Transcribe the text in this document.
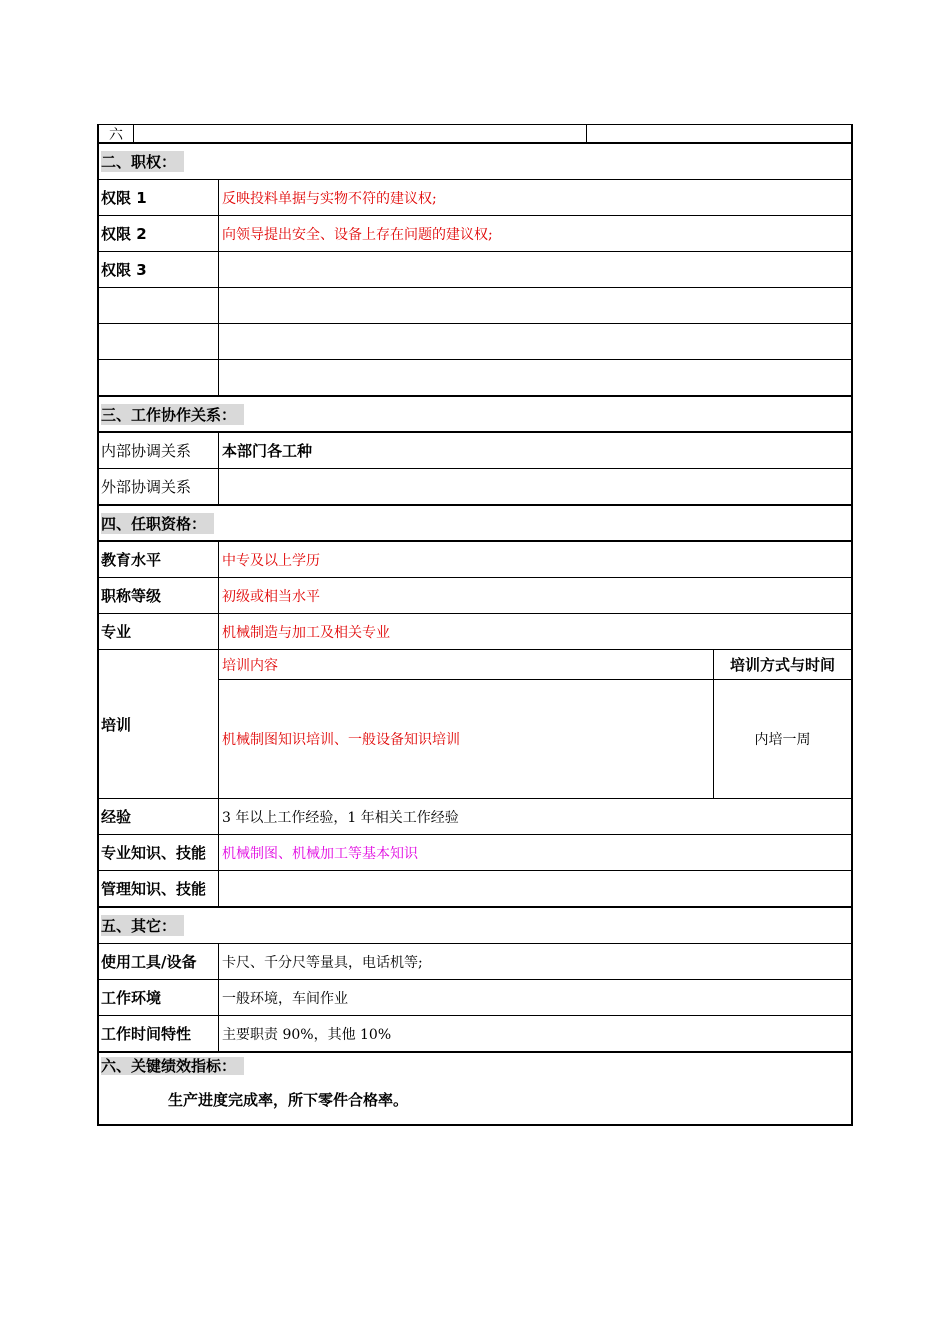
六
二、职权：
权限 1	反映投料单据与实物不符的建议权;
权限 2	向领导提出安全、设备上存在问题的建议权;
权限 3
三、工作协作关系：
内部协调关系	本部门各工种
外部协调关系
四、任职资格：
教育水平	中专及以上学历
职称等级	初级或相当水平
专业	机械制造与加工及相关专业
培训
培训内容	培训方式与时间
机械制图知识培训、一般设备知识培训	内培一周
经验	3 年以上工作经验，1 年相关工作经验
专业知识、技能	机械制图、机械加工等基本知识
管理知识、技能
五、其它：
使用工具/设备	卡尺、千分尺等量具，电话机等;
工作环境	一般环境，车间作业
工作时间特性	主要职责 90%，其他 10%
六、关键绩效指标：
生产进度完成率，所下零件合格率。
